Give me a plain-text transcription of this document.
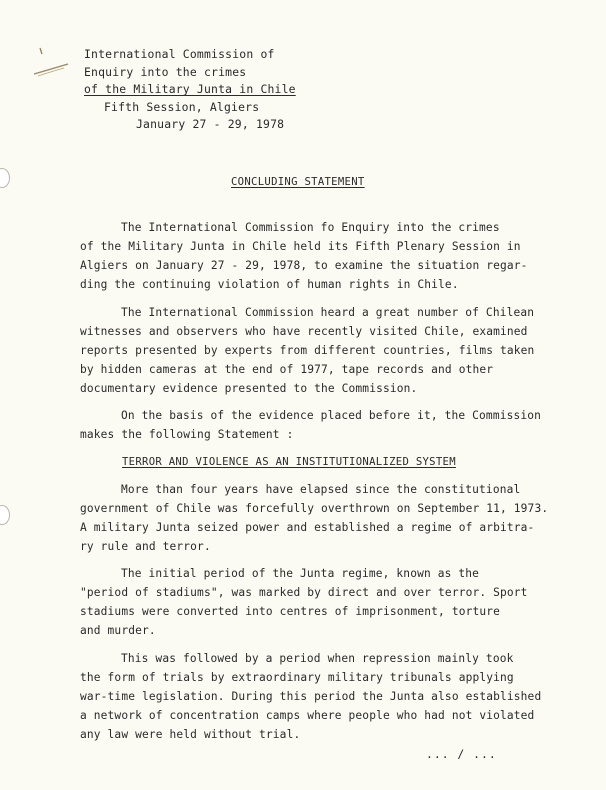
International Commission of
Enquiry into the crimes
of the Military Junta in Chile
Fifth Session, Algiers
January 27 - 29, 1978
CONCLUDING STATEMENT
The International Commission fo Enquiry into the crimes
of the Military Junta in Chile held its Fifth Plenary Session in
Algiers on January 27 - 29, 1978, to examine the situation regar-
ding the continuing violation of human rights in Chile.
The International Commission heard a great number of Chilean
witnesses and observers who have recently visited Chile, examined
reports presented by experts from different countries, films taken
by hidden cameras at the end of 1977, tape records and other
documentary evidence presented to the Commission.
On the basis of the evidence placed before it, the Commission
makes the following Statement :
TERROR AND VIOLENCE AS AN INSTITUTIONALIZED SYSTEM
More than four years have elapsed since the constitutional
government of Chile was forcefully overthrown on September 11, 1973.
A military Junta seized power and established a regime of arbitra-
ry rule and terror.
The initial period of the Junta regime, known as the
"period of stadiums", was marked by direct and over terror. Sport
stadiums were converted into centres of imprisonment, torture
and murder.
This was followed by a period when repression mainly took
the form of trials by extraordinary military tribunals applying
war-time legislation. During this period the Junta also established
a network of concentration camps where people who had not violated
any law were held without trial.
... / ...
